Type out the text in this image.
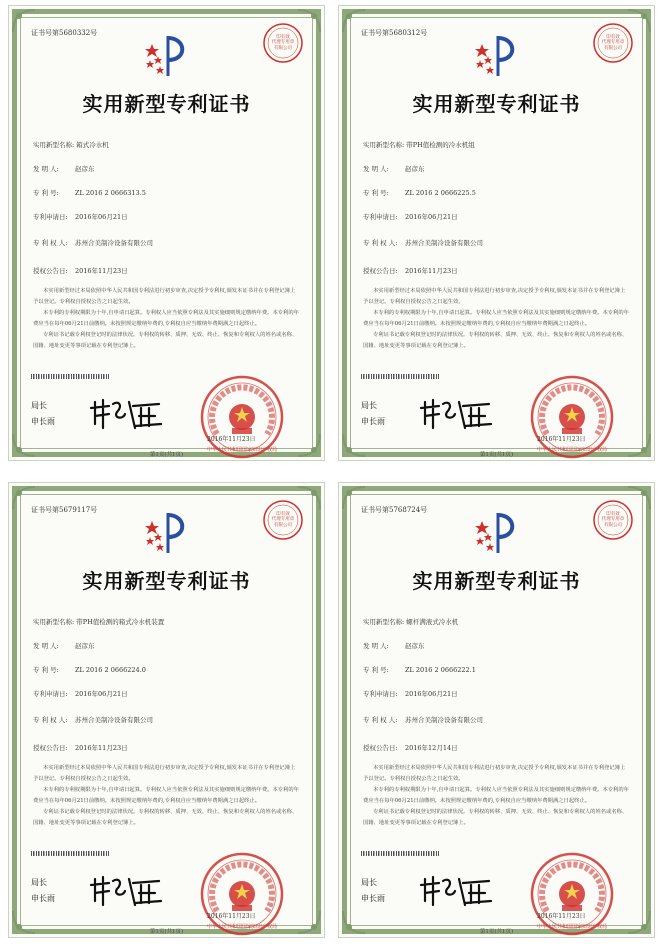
证书号第5680332号
印有效
代理专用章
有限公司
实用新型专利证书
实用新型名称: 箱式冷水机
发 明 人: 赵彦东
专 利 号: ZL 2016 2 0666313.5
专利申请日: 2016年06月21日
专 利 权 人: 苏州合美制冷设备有限公司
授权公告日: 2016年11月23日

本实用新型经过本局依照中华人民共和国专利法进行初步审查,决定授予专利权,颁发本证书并在专利登记簿上予以登记。专利权自授权公告之日起生效。

本专利的专利权期限为十年,自申请日起算。专利权人应当依照专利法及其实施细则规定缴纳年费。本专利的年费应当在每年06月21日前缴纳。未按照规定缴纳年费的,专利权自应当缴纳年费期满之日起终止。

专利证书记载专利权登记时的法律状况。专利权的转移、质押、无效、终止、恢复和专利权人的姓名或名称、国籍、地址变更等事项记载在专利登记簿上。

局长
申长雨
中华人民共和国国家知识产权局
2016年11月23日
第1页(共1页)
证书号第5680312号
印有效
代理专用章
有限公司
实用新型专利证书
实用新型名称: 带PH值检测的冷水机组
发 明 人: 赵彦东
专 利 号: ZL 2016 2 0666225.5
专利申请日: 2016年06月21日
专 利 权 人: 苏州合美制冷设备有限公司
授权公告日: 2016年11月23日

本实用新型经过本局依照中华人民共和国专利法进行初步审查,决定授予专利权,颁发本证书并在专利登记簿上予以登记。专利权自授权公告之日起生效。

本专利的专利权期限为十年,自申请日起算。专利权人应当依照专利法及其实施细则规定缴纳年费。本专利的年费应当在每年06月21日前缴纳。未按照规定缴纳年费的,专利权自应当缴纳年费期满之日起终止。

专利证书记载专利权登记时的法律状况。专利权的转移、质押、无效、终止、恢复和专利权人的姓名或名称、国籍、地址变更等事项记载在专利登记簿上。

局长
申长雨
中华人民共和国国家知识产权局
2016年11月23日
第1页(共1页)
证书号第5679117号
印有效
代理专用章
有限公司
实用新型专利证书
实用新型名称: 带PH值检测的箱式冷水机装置
发 明 人: 赵彦东
专 利 号: ZL 2016 2 0666224.0
专利申请日: 2016年06月21日
专 利 权 人: 苏州合美制冷设备有限公司
授权公告日: 2016年11月23日

本实用新型经过本局依照中华人民共和国专利法进行初步审查,决定授予专利权,颁发本证书并在专利登记簿上予以登记。专利权自授权公告之日起生效。

本专利的专利权期限为十年,自申请日起算。专利权人应当依照专利法及其实施细则规定缴纳年费。本专利的年费应当在每年06月21日前缴纳。未按照规定缴纳年费的,专利权自应当缴纳年费期满之日起终止。

专利证书记载专利权登记时的法律状况。专利权的转移、质押、无效、终止、恢复和专利权人的姓名或名称、国籍、地址变更等事项记载在专利登记簿上。

局长
申长雨
中华人民共和国国家知识产权局
2016年11月23日
第1页(共1页)
证书号第5768724号
印有效
代理专用章
有限公司
实用新型专利证书
实用新型名称: 螺杆满液式冷水机
发 明 人: 赵彦东
专 利 号: ZL 2016 2 0666222.1
专利申请日: 2016年06月21日
专 利 权 人: 苏州合美制冷设备有限公司
授权公告日: 2016年12月14日

本实用新型经过本局依照中华人民共和国专利法进行初步审查,决定授予专利权,颁发本证书并在专利登记簿上予以登记。专利权自授权公告之日起生效。

本专利的专利权期限为十年,自申请日起算。专利权人应当依照专利法及其实施细则规定缴纳年费。本专利的年费应当在每年06月21日前缴纳。未按照规定缴纳年费的,专利权自应当缴纳年费期满之日起终止。

专利证书记载专利权登记时的法律状况。专利权的转移、质押、无效、终止、恢复和专利权人的姓名或名称、国籍、地址变更等事项记载在专利登记簿上。

局长
申长雨
中华人民共和国国家知识产权局
2016年11月23日
第1页(共1页)
